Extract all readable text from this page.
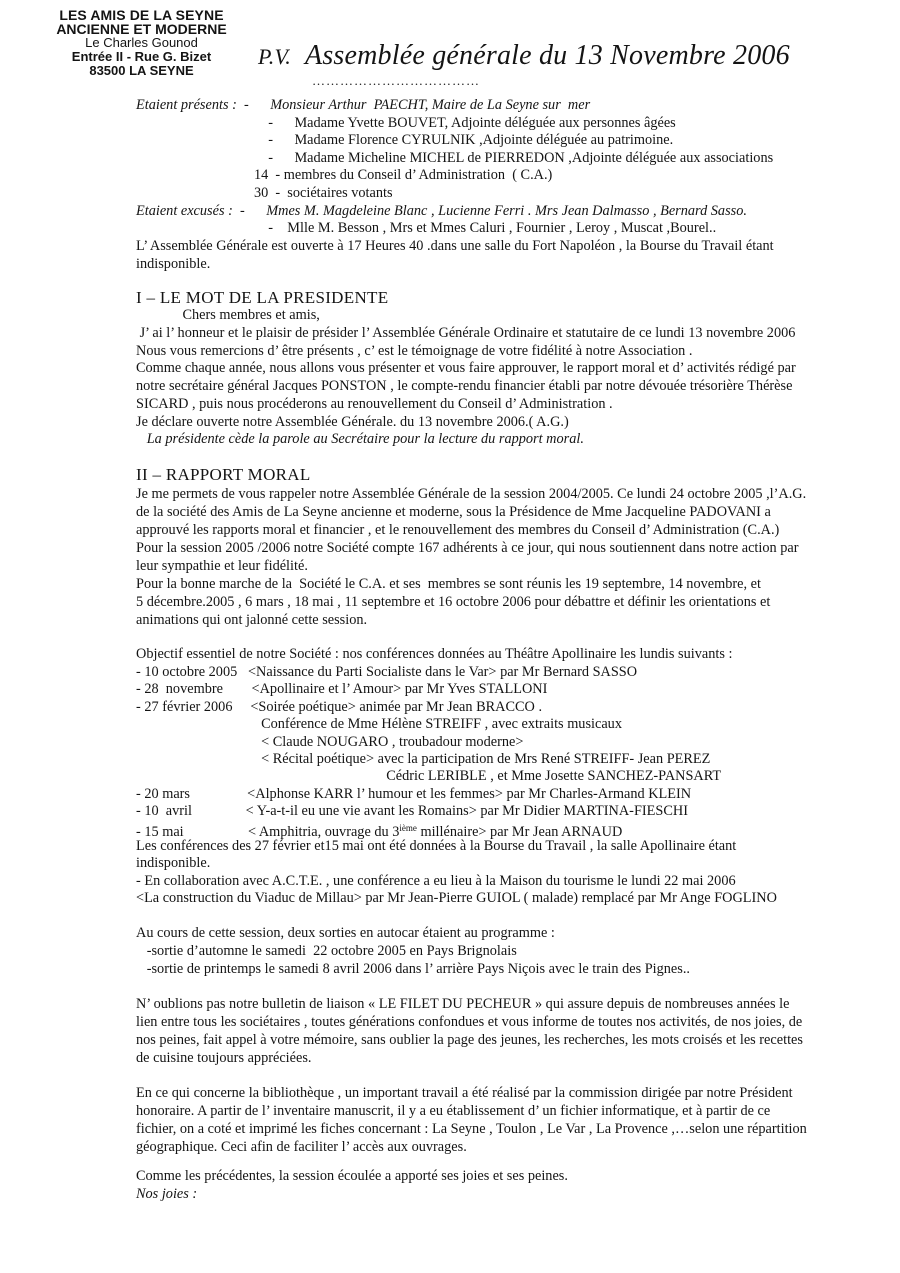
LES AMIS DE LA SEYNE
ANCIENNE ET MODERNE
Le Charles Gounod
Entrée II - Rue G. Bizet
83500 LA SEYNE
P.V. Assemblée générale du 13 Novembre 2006
………………………………
Etaient présents :  -      Monsieur Arthur  PAECHT, Maire de La Seyne sur  mer
-      Madame Yvette BOUVET, Adjointe déléguée aux personnes âgées
-      Madame Florence CYRULNIK ,Adjointe déléguée au patrimoine.
-      Madame Micheline MICHEL de PIERREDON ,Adjointe déléguée aux associations
14  - membres du Conseil d’ Administration  ( C.A.)
30  -  sociétaires votants
Etaient excusés :  -      Mmes M. Magdeleine Blanc , Lucienne Ferri . Mrs Jean Dalmasso , Bernard Sasso.
-    Mlle M. Besson , Mrs et Mmes Caluri , Fournier , Leroy , Muscat ,Bourel..
L’ Assemblée Générale est ouverte à 17 Heures 40 .dans une salle du Fort Napoléon , la Bourse du Travail étant
indisponible.
I – LE MOT DE LA PRESIDENTE
Chers membres et amis,
J’ ai l’ honneur et le plaisir de présider l’ Assemblée Générale Ordinaire et statutaire de ce lundi 13 novembre 2006
Nous vous remercions d’ être présents , c’ est le témoignage de votre fidélité à notre Association .
Comme chaque année, nous allons vous présenter et vous faire approuver, le rapport moral et d’ activités rédigé par
notre secrétaire général Jacques PONSTON , le compte-rendu financier établi par notre dévouée trésorière Thérèse
SICARD , puis nous procéderons au renouvellement du Conseil d’ Administration .
Je déclare ouverte notre Assemblée Générale. du 13 novembre 2006.( A.G.)
La présidente cède la parole au Secrétaire pour la lecture du rapport moral.
II – RAPPORT MORAL
Je me permets de vous rappeler notre Assemblée Générale de la session 2004/2005. Ce lundi 24 octobre 2005 ,l’A.G.
de la société des Amis de La Seyne ancienne et moderne, sous la Présidence de Mme Jacqueline PADOVANI a
approuvé les rapports moral et financier , et le renouvellement des membres du Conseil d’ Administration (C.A.)
Pour la session 2005 /2006 notre Société compte 167 adhérents à ce jour, qui nous soutiennent dans notre action par
leur sympathie et leur fidélité.
Pour la bonne marche de la  Société le C.A. et ses  membres se sont réunis les 19 septembre, 14 novembre, et
5 décembre.2005 , 6 mars , 18 mai , 11 septembre et 16 octobre 2006 pour débattre et définir les orientations et
animations qui ont jalonné cette session.
Objectif essentiel de notre Société : nos conférences données au Théâtre Apollinaire les lundis suivants :
- 10 octobre 2005   <Naissance du Parti Socialiste dans le Var> par Mr Bernard SASSO
- 28  novembre        <Apollinaire et l’ Amour> par Mr Yves STALLONI
- 27 février 2006     <Soirée poétique> animée par Mr Jean BRACCO .
Conférence de Mme Hélène STREIFF , avec extraits musicaux
< Claude NOUGARO , troubadour moderne>
< Récital poétique> avec la participation de Mrs René STREIFF- Jean PEREZ
Cédric LERIBLE , et Mme Josette SANCHEZ-PANSART
- 20 mars                <Alphonse KARR l’ humour et les femmes> par Mr Charles-Armand KLEIN
- 10  avril               < Y-a-t-il eu une vie avant les Romains> par Mr Didier MARTINA-FIESCHI
- 15 mai                  < Amphitria, ouvrage du 3ième millénaire> par Mr Jean ARNAUD
Les conférences des 27 février et15 mai ont été données à la Bourse du Travail , la salle Apollinaire étant
indisponible.
- En collaboration avec A.C.T.E. , une conférence a eu lieu à la Maison du tourisme le lundi 22 mai 2006
<La construction du Viaduc de Millau> par Mr Jean-Pierre GUIOL ( malade) remplacé par Mr Ange FOGLINO
Au cours de cette session, deux sorties en autocar étaient au programme :
-sortie d’automne le samedi  22 octobre 2005 en Pays Brignolais
-sortie de printemps le samedi 8 avril 2006 dans l’ arrière Pays Niçois avec le train des Pignes..
N’ oublions pas notre bulletin de liaison « LE FILET DU PECHEUR » qui assure depuis de nombreuses années le
lien entre tous les sociétaires , toutes générations confondues et vous informe de toutes nos activités, de nos joies, de
nos peines, fait appel à votre mémoire, sans oublier la page des jeunes, les recherches, les mots croisés et les recettes
de cuisine toujours appréciées.
En ce qui concerne la bibliothèque , un important travail a été réalisé par la commission dirigée par notre Président
honoraire. A partir de l’ inventaire manuscrit, il y a eu établissement d’ un fichier informatique, et à partir de ce
fichier, on a coté et imprimé les fiches concernant : La Seyne , Toulon , Le Var , La Provence ,…selon une répartition
géographique. Ceci afin de faciliter l’ accès aux ouvrages.
Comme les précédentes, la session écoulée a apporté ses joies et ses peines.
Nos joies :
